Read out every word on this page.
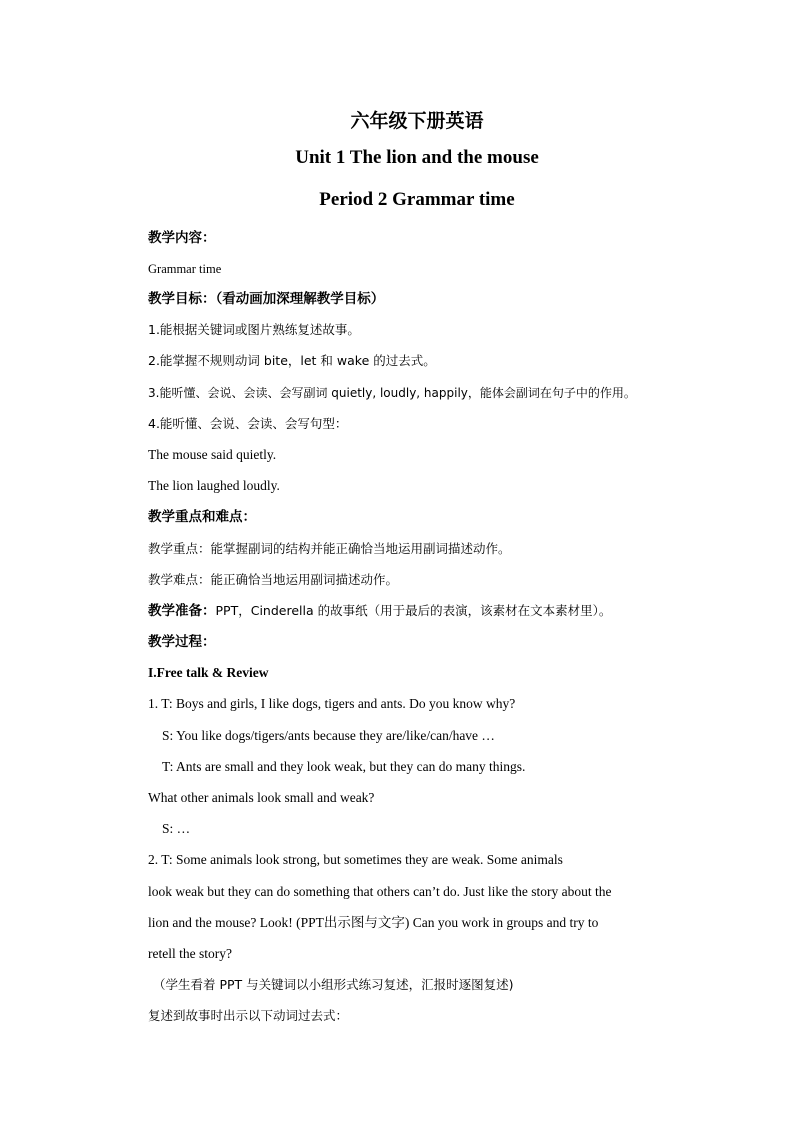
六年级下册英语
Unit 1 The lion and the mouse
Period 2 Grammar time
教学内容：
Grammar time
教学目标：（看动画加深理解教学目标）
1.能根据关键词或图片熟练复述故事。
2.能掌握不规则动词 bite，let 和 wake 的过去式。
3.能听懂、会说、会读、会写副词 quietly, loudly, happily，能体会副词在句子中的作用。
4.能听懂、会说、会读、会写句型：
The mouse said quietly.
The lion laughed loudly.
教学重点和难点：
教学重点：能掌握副词的结构并能正确恰当地运用副词描述动作。
教学难点：能正确恰当地运用副词描述动作。
教学准备：PPT，Cinderella 的故事纸（用于最后的表演，该素材在文本素材里）。
教学过程：
I.Free talk & Review
1. T: Boys and girls, I like dogs, tigers and ants. Do you know why?
S: You like dogs/tigers/ants because they are/like/can/have …
T: Ants are small and they look weak, but they can do many things.
What other animals look small and weak?
S: …
2. T: Some animals look strong, but sometimes they are weak. Some animals
look weak but they can do something that others can’t do. Just like the story about the
lion and the mouse? Look! (PPT出示图与文字) Can you work in groups and try to
retell the story?
（学生看着 PPT 与关键词以小组形式练习复述，汇报时逐图复述)
复述到故事时出示以下动词过去式：
